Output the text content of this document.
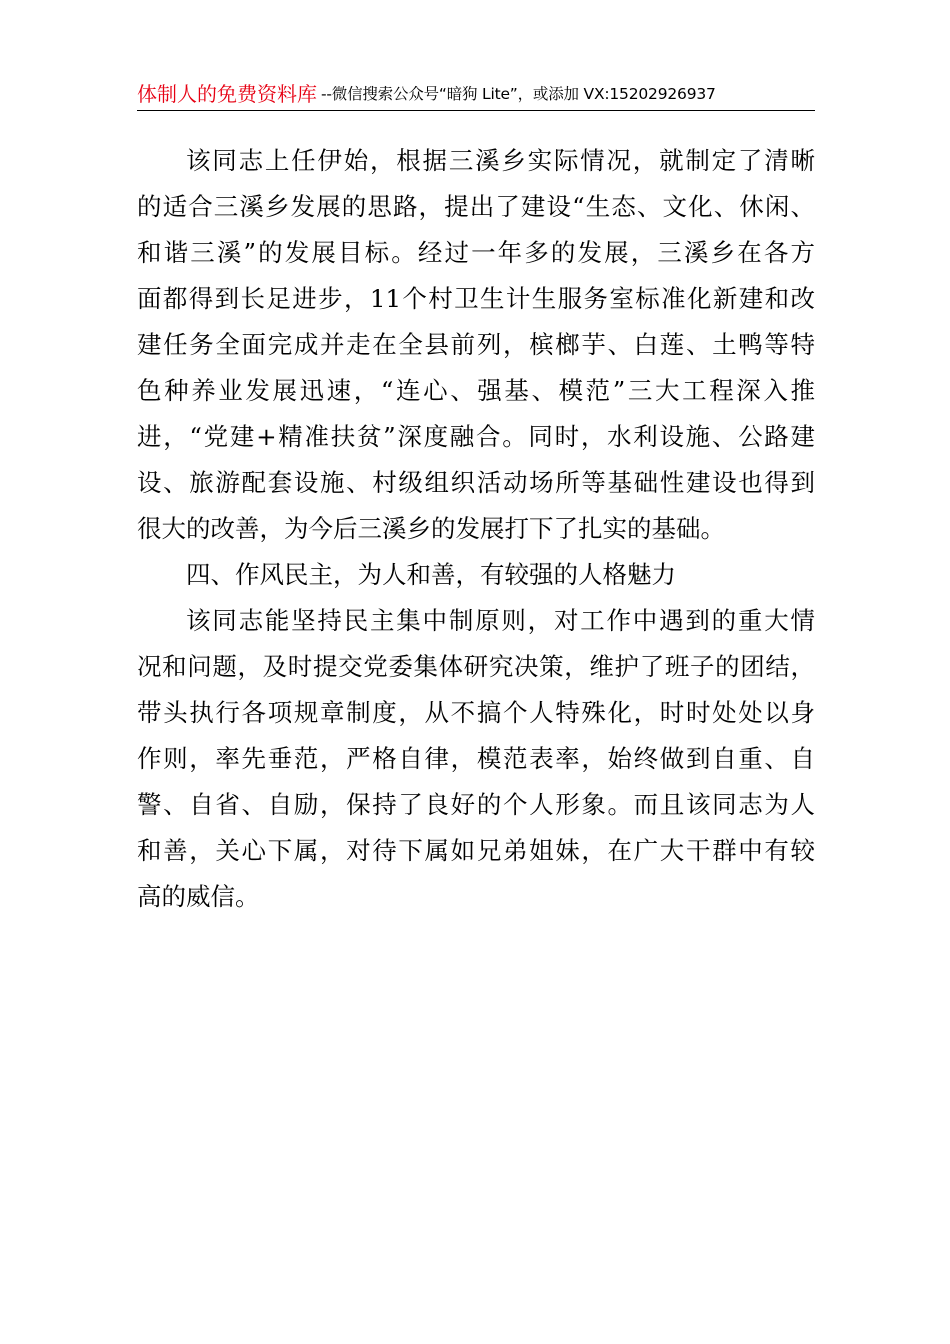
体制人的免费资料库 --微信搜索公众号“暗狗 Lite”，或添加 VX:15202926937
该同志上任伊始，根据三溪乡实际情况，就制定了清晰
的适合三溪乡发展的思路，提出了建设“生态、文化、休闲、
和谐三溪”的发展目标。经过一年多的发展，三溪乡在各方
面都得到长足进步，11个村卫生计生服务室标准化新建和改
建任务全面完成并走在全县前列，槟榔芋、白莲、土鸭等特
色种养业发展迅速，“连心、强基、模范”三大工程深入推
进，“党建+精准扶贫”深度融合。同时，水利设施、公路建
设、旅游配套设施、村级组织活动场所等基础性建设也得到
很大的改善，为今后三溪乡的发展打下了扎实的基础。
四、作风民主，为人和善，有较强的人格魅力
该同志能坚持民主集中制原则，对工作中遇到的重大情
况和问题，及时提交党委集体研究决策，维护了班子的团结，
带头执行各项规章制度，从不搞个人特殊化，时时处处以身
作则，率先垂范，严格自律，模范表率，始终做到自重、自
警、自省、自励，保持了良好的个人形象。而且该同志为人
和善，关心下属，对待下属如兄弟姐妹，在广大干群中有较
高的威信。
